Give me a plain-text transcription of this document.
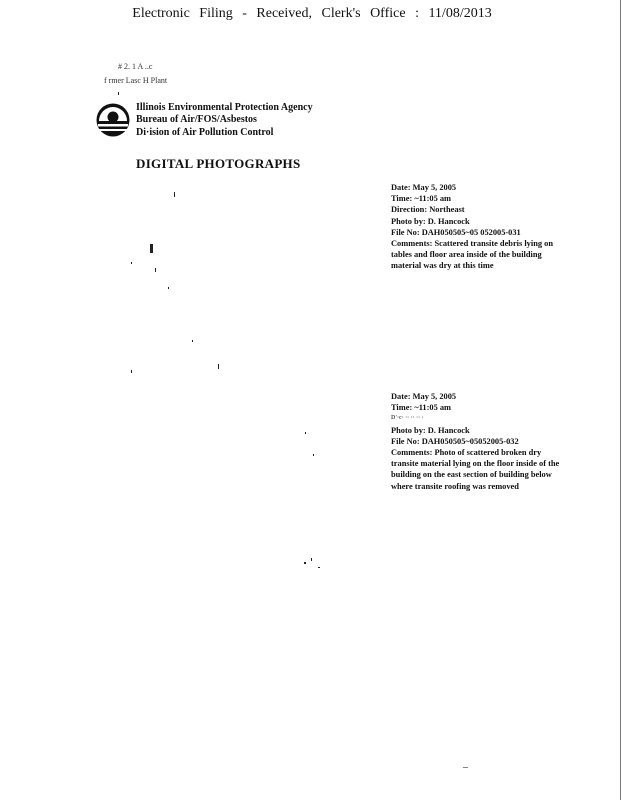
Electronic Filing - Received, Clerk's Office : 11/08/2013
# 2. 1 A ..c
f rmer Lasc H Plant
Illinois Environmental Protection Agency
Bureau of Air/FOS/Asbestos
Di·ision of Air Pollution Control
DIGITAL PHOTOGRAPHS
Date: May 5, 2005
Time: ~11:05 am
Direction: Northeast
Photo by: D. Hancock
File No: DAH050505~05 052005-031
Comments: Scattered transite debris lying on
tables and floor area inside of the building
material was dry at this time
Date: May 5, 2005
Time: ~11:05 am
D'·c· ·· ·· ·· ·
Photo by: D. Hancock
File No: DAH050505~05052005-032
Comments: Photo of scattered broken dry
transite material lying on the floor inside of the
building on the east section of building below
where transite roofing was removed
–
